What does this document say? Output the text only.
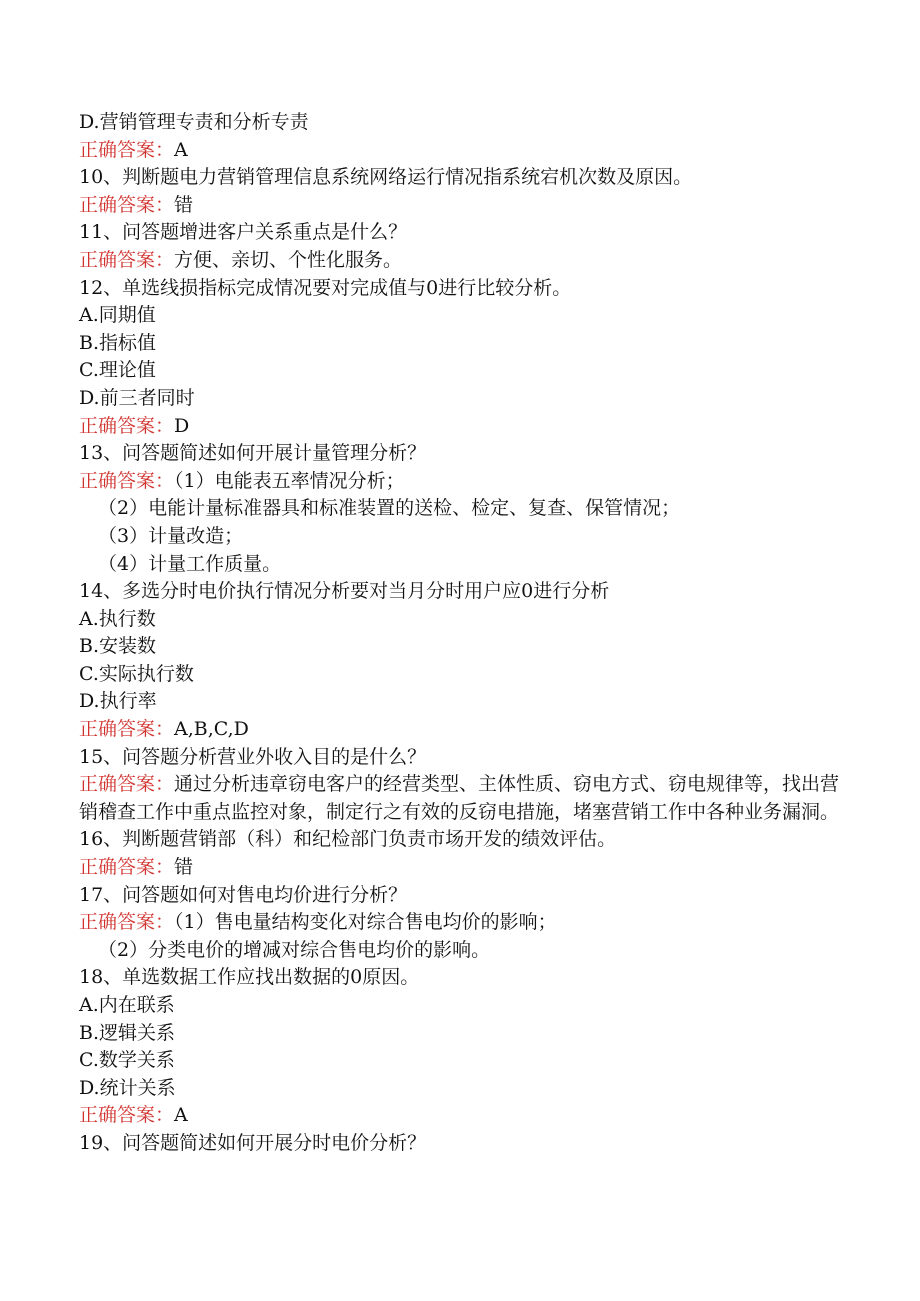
D.营销管理专责和分析专责
正确答案：A
10、判断题电力营销管理信息系统网络运行情况指系统宕机次数及原因。
正确答案：错
11、问答题增进客户关系重点是什么？
正确答案：方便、亲切、个性化服务。
12、单选线损指标完成情况要对完成值与0进行比较分析。
A.同期值
B.指标值
C.理论值
D.前三者同时
正确答案：D
13、问答题简述如何开展计量管理分析？
正确答案：（1）电能表五率情况分析；
（2）电能计量标准器具和标准装置的送检、检定、复查、保管情况；
（3）计量改造；
（4）计量工作质量。
14、多选分时电价执行情况分析要对当月分时用户应0进行分析
A.执行数
B.安装数
C.实际执行数
D.执行率
正确答案：A,B,C,D
15、问答题分析营业外收入目的是什么？
正确答案：通过分析违章窃电客户的经营类型、主体性质、窃电方式、窃电规律等，找出营销稽查工作中重点监控对象，制定行之有效的反窃电措施，堵塞营销工作中各种业务漏洞。
16、判断题营销部（科）和纪检部门负责市场开发的绩效评估。
正确答案：错
17、问答题如何对售电均价进行分析？
正确答案：（1）售电量结构变化对综合售电均价的影响；
（2）分类电价的增减对综合售电均价的影响。
18、单选数据工作应找出数据的0原因。
A.内在联系
B.逻辑关系
C.数学关系
D.统计关系
正确答案：A
19、问答题简述如何开展分时电价分析？
